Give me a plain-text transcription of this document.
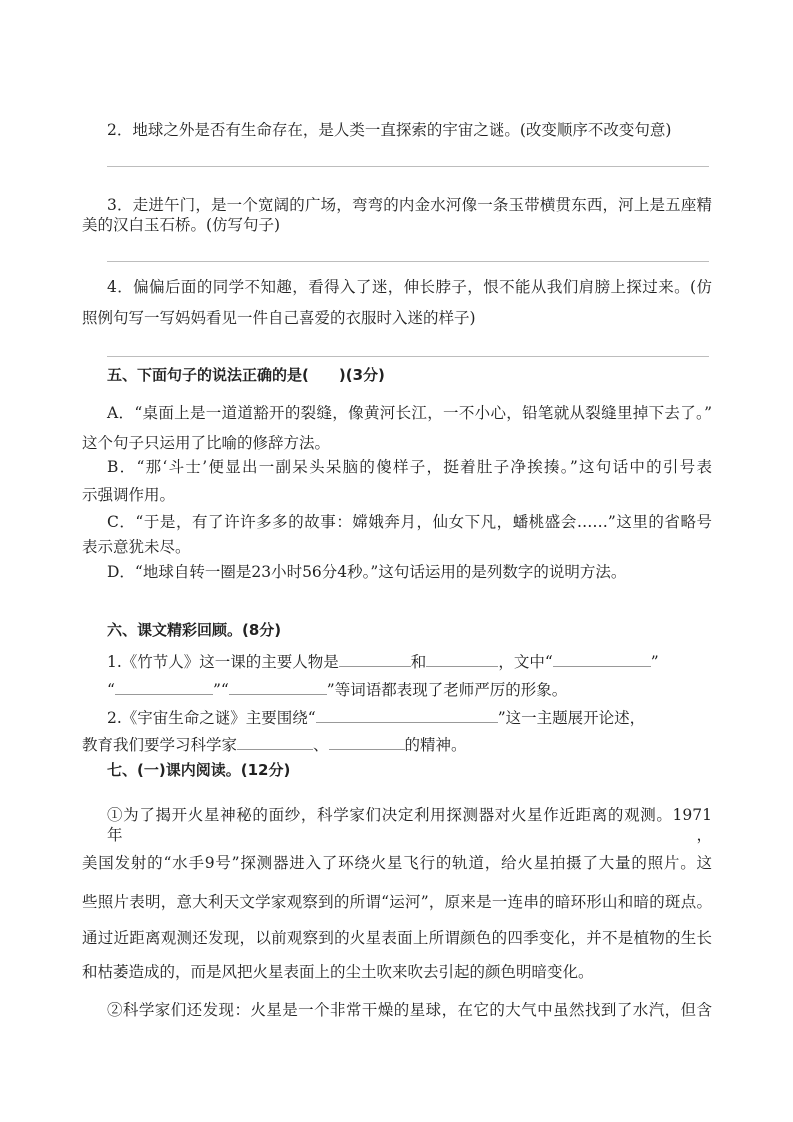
2．地球之外是否有生命存在，是人类一直探索的宇宙之谜。(改变顺序不改变句意)
3．走进午门，是一个宽阔的广场，弯弯的内金水河像一条玉带横贯东西，河上是五座精
美的汉白玉石桥。(仿写句子)
4．偏偏后面的同学不知趣，看得入了迷，伸长脖子，恨不能从我们肩膀上探过来。(仿
照例句写一写妈妈看见一件自己喜爱的衣服时入迷的样子)
五、下面句子的说法正确的是(　　)(3分)
A．“桌面上是一道道豁开的裂缝，像黄河长江，一不小心，铅笔就从裂缝里掉下去了。”
这个句子只运用了比喻的修辞方法。
B．“那‘斗士’便显出一副呆头呆脑的傻样子，挺着肚子净挨揍。”这句话中的引号表
示强调作用。
C．“于是，有了许许多多的故事：嫦娥奔月，仙女下凡，蟠桃盛会……”这里的省略号
表示意犹未尽。
D．“地球自转一圈是23小时56分4秒。”这句话运用的是列数字的说明方法。
六、课文精彩回顾。(8分)
1.《竹节人》这一课的主要人物是	和	，文中“	”
“	”“	”等词语都表现了老师严厉的形象。
2.《宇宙生命之谜》主要围绕“	”这一主题展开论述，
教育我们要学习科学家	、	的精神。
七、(一)课内阅读。(12分)
①为了揭开火星神秘的面纱，科学家们决定利用探测器对火星作近距离的观测。1971年，
美国发射的“水手9号”探测器进入了环绕火星飞行的轨道，给火星拍摄了大量的照片。这
些照片表明，意大利天文学家观察到的所谓“运河”，原来是一连串的暗环形山和暗的斑点。
通过近距离观测还发现，以前观察到的火星表面上所谓颜色的四季变化，并不是植物的生长
和枯萎造成的，而是风把火星表面上的尘土吹来吹去引起的颜色明暗变化。
②科学家们还发现：火星是一个非常干燥的星球，在它的大气中虽然找到了水汽，但含
